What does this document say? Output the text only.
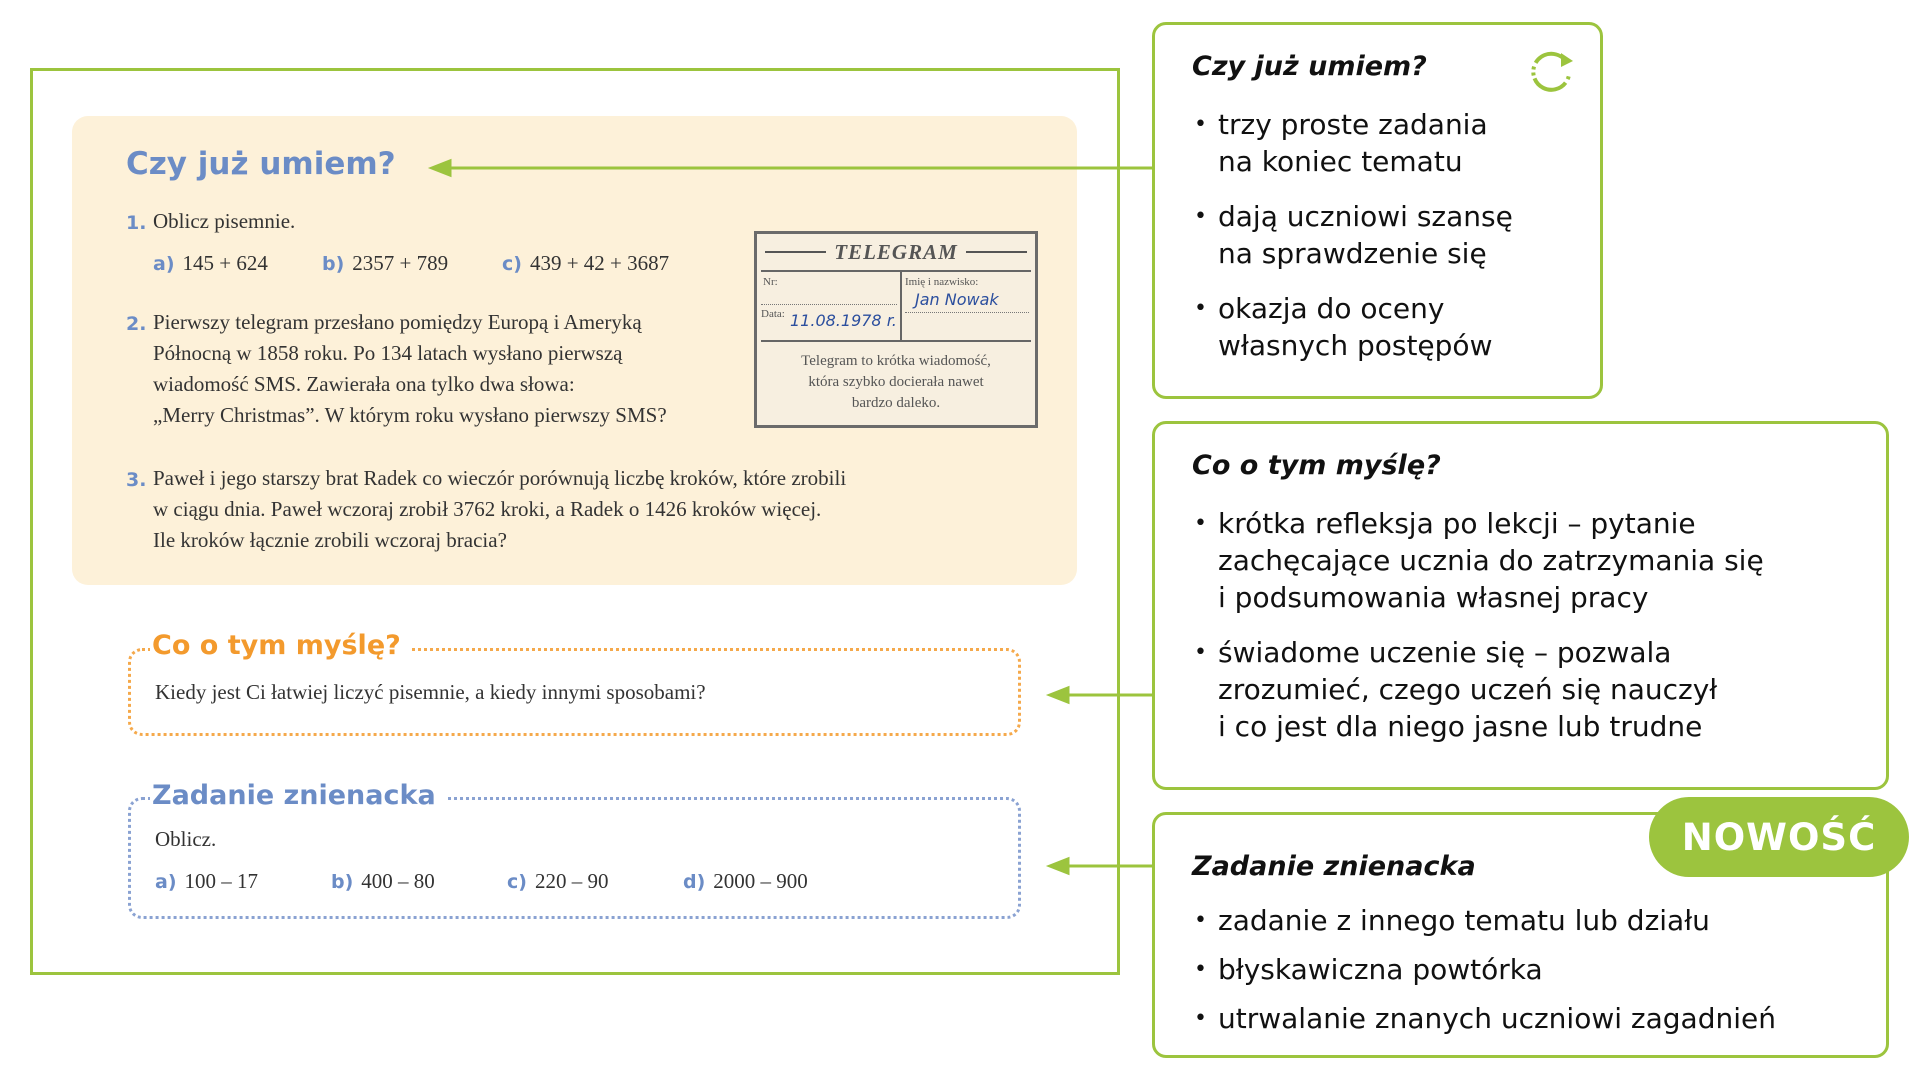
Czy już umiem?
1. Oblicz pisemnie.
a) 145 + 624	b) 2357 + 789	c) 439 + 42 + 3687
2. Pierwszy telegram przesłano pomiędzy Europą i Ameryką
Północną w 1858 roku. Po 134 latach wysłano pierwszą
wiadomość SMS. Zawierała ona tylko dwa słowa:
„Merry Christmas”. W którym roku wysłano pierwszy SMS?
TELEGRAM
Nr:	Imię i nazwisko:
Jan Nowak
Data: 11.08.1978 r.
Telegram to krótka wiadomość,
która szybko docierała nawet
bardzo daleko.
3. Paweł i jego starszy brat Radek co wieczór porównują liczbę kroków, które zrobili
w ciągu dnia. Paweł wczoraj zrobił 3762 kroki, a Radek o 1426 kroków więcej.
Ile kroków łącznie zrobili wczoraj bracia?
Kiedy jest Ci łatwiej liczyć pisemnie, a kiedy innymi sposobami?
Co o tym myślę?
Oblicz.
a) 100 – 17	b) 400 – 80	c) 220 – 90	d) 2000 – 900
Zadanie znienacka
Czy już umiem?
• trzy proste zadania
na koniec tematu
• dają uczniowi szansę
na sprawdzenie się
• okazja do oceny
własnych postępów
Co o tym myślę?
• krótka refleksja po lekcji – pytanie
zachęcające ucznia do zatrzymania się
i podsumowania własnej pracy
• świadome uczenie się – pozwala
zrozumieć, czego uczeń się nauczył
i co jest dla niego jasne lub trudne
Zadanie znienacka
• zadanie z innego tematu lub działu
• błyskawiczna powtórka
• utrwalanie znanych uczniowi zagadnień
NOWOŚĆ
